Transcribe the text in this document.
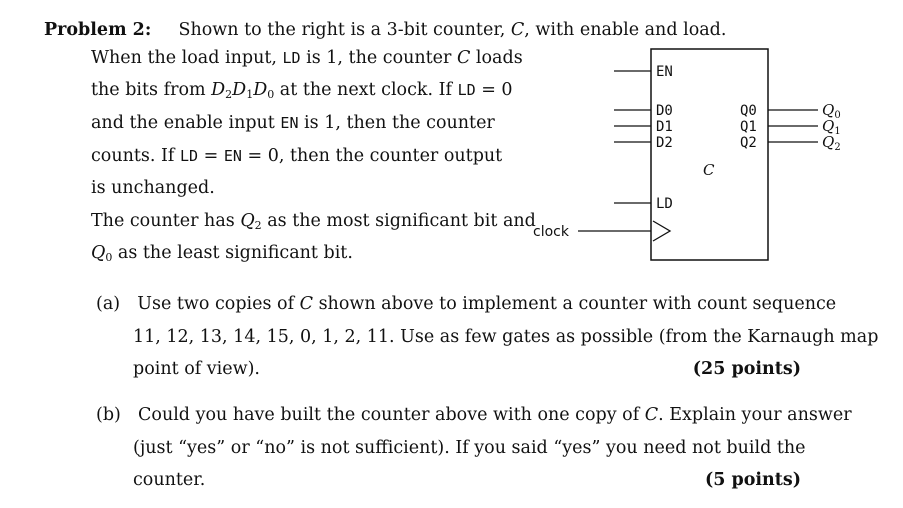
Problem 2: Shown to the right is a 3-bit counter, C, with enable and load.
When the load input, LD is 1, the counter C loads
the bits from $D_2D_1D_0$ at the next clock. If LD = 0
and the enable input EN is 1, then the counter
counts. If LD = EN = 0, then the counter output
is unchanged.
The counter has $Q_2$ as the most significant bit and
$Q_0$ as the least significant bit.
EN
D0
D1
D2
LD
Q0
Q1
Q2
C
clock
$Q_0$
$Q_1$
$Q_2$
(a) Use two copies of C shown above to implement a counter with count sequence
11, 12, 13, 14, 15, 0, 1, 2, 11. Use as few gates as possible (from the Karnaugh map
point of view).	(25 points)
(b) Could you have built the counter above with one copy of C. Explain your answer
(just “yes” or “no” is not sufficient). If you said “yes” you need not build the
counter.	(5 points)
